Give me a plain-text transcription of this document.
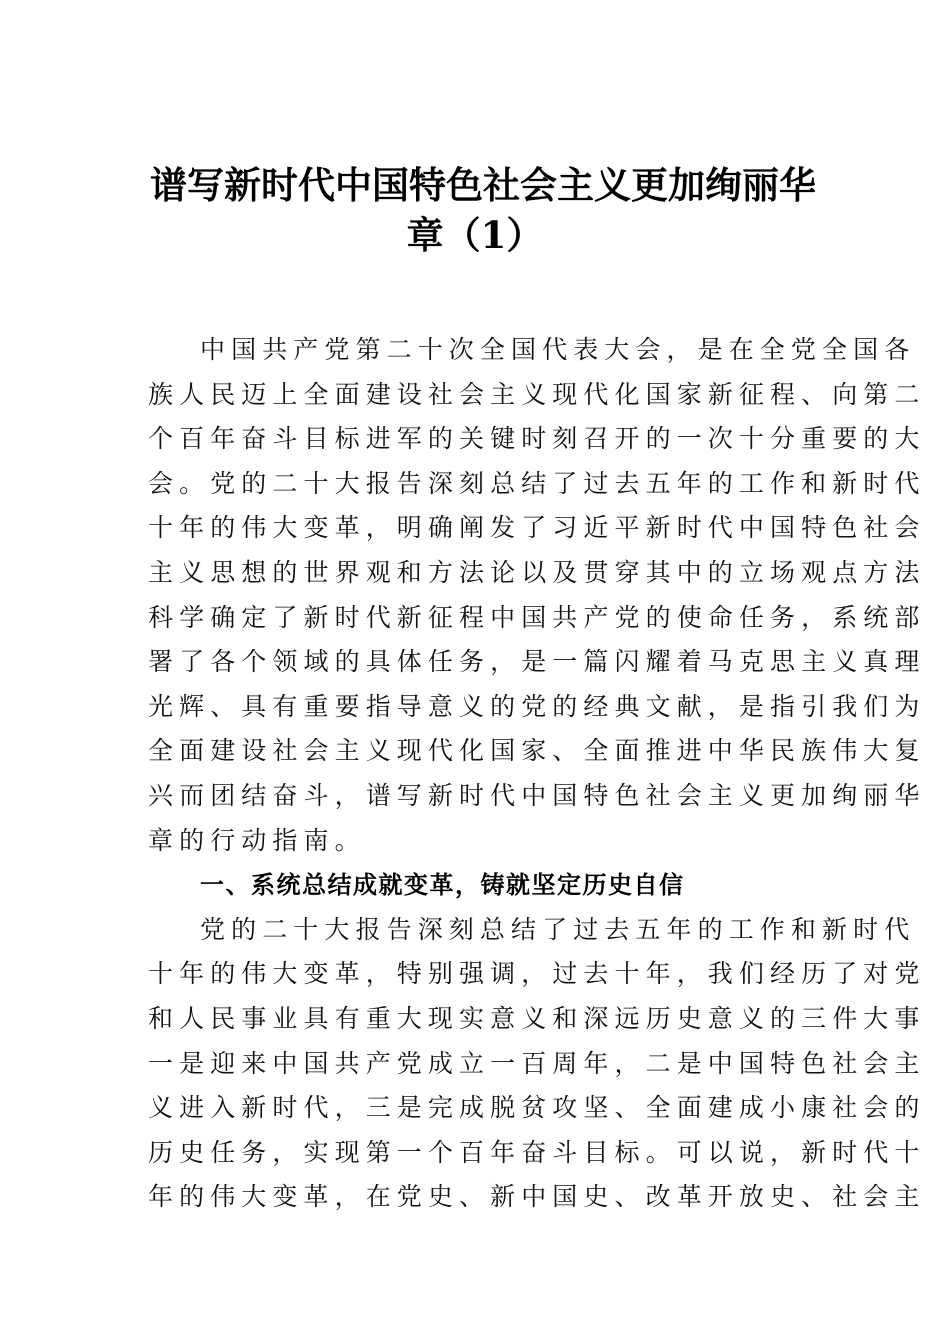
谱写新时代中国特色社会主义更加绚丽华
章（1）
中国共产党第二十次全国代表大会，是在全党全国各
族人民迈上全面建设社会主义现代化国家新征程、向第二
个百年奋斗目标进军的关键时刻召开的一次十分重要的大
会。党的二十大报告深刻总结了过去五年的工作和新时代
十年的伟大变革，明确阐发了习近平新时代中国特色社会
主义思想的世界观和方法论以及贯穿其中的立场观点方法
科学确定了新时代新征程中国共产党的使命任务，系统部
署了各个领域的具体任务，是一篇闪耀着马克思主义真理
光辉、具有重要指导意义的党的经典文献，是指引我们为
全面建设社会主义现代化国家、全面推进中华民族伟大复
兴而团结奋斗，谱写新时代中国特色社会主义更加绚丽华
章的行动指南。
一、系统总结成就变革，铸就坚定历史自信
党的二十大报告深刻总结了过去五年的工作和新时代
十年的伟大变革，特别强调，过去十年，我们经历了对党
和人民事业具有重大现实意义和深远历史意义的三件大事
一是迎来中国共产党成立一百周年，二是中国特色社会主
义进入新时代，三是完成脱贫攻坚、全面建成小康社会的
历史任务，实现第一个百年奋斗目标。可以说，新时代十
年的伟大变革，在党史、新中国史、改革开放史、社会主
